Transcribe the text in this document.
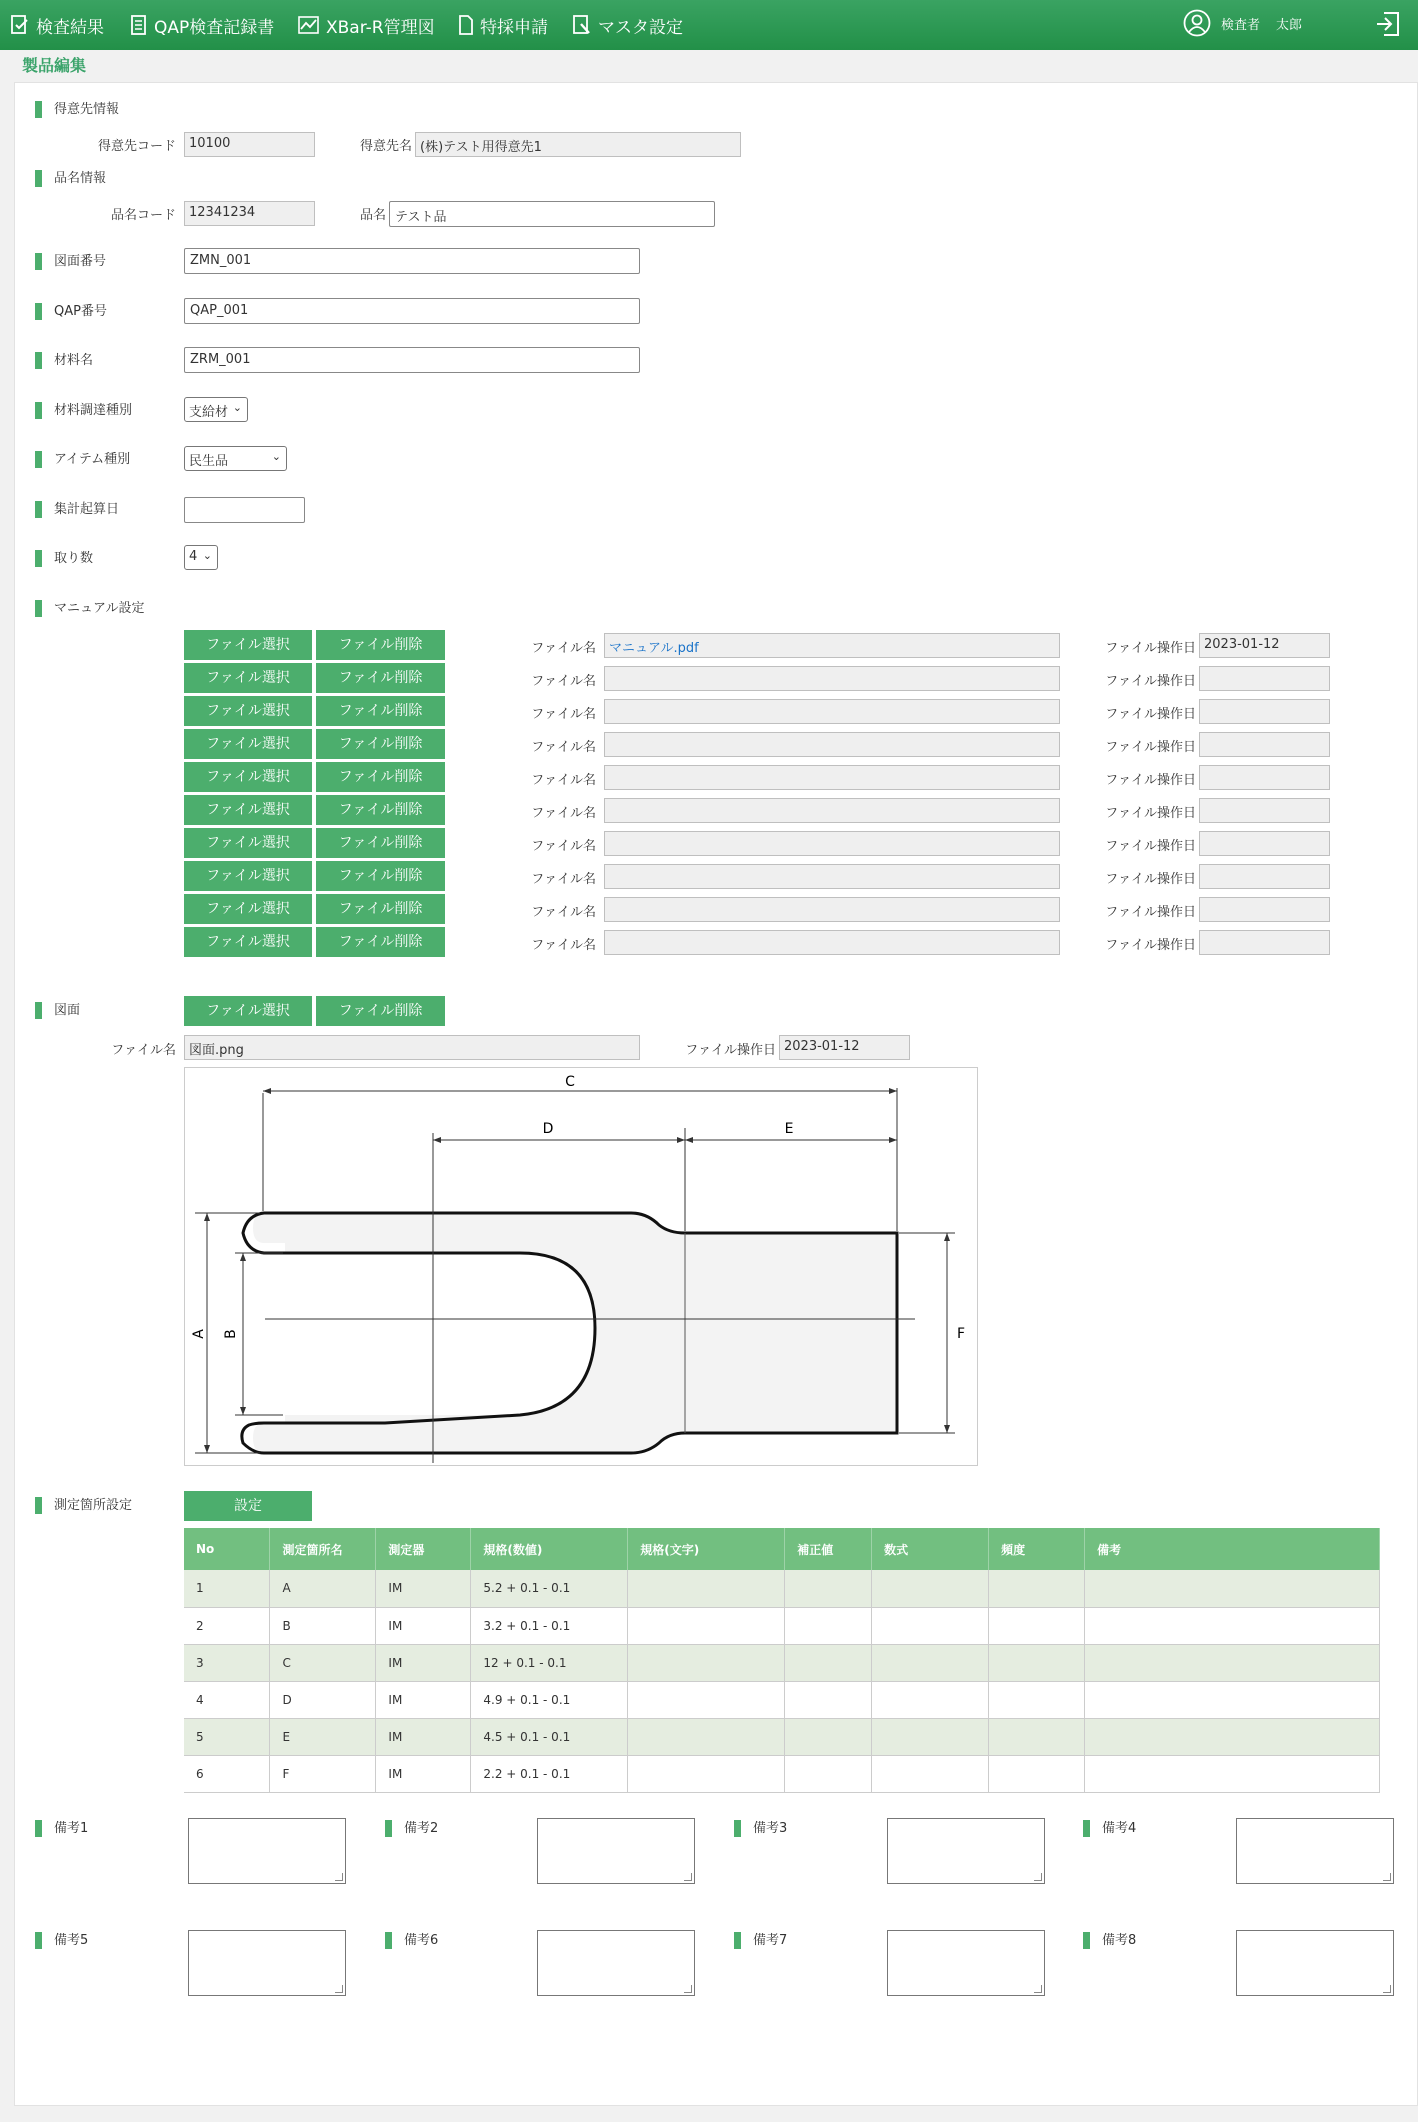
検査結果	QAP検査記録書	XBar-R管理図	特採申請	マスタ設定	検査者 太郎
製品編集
得意先情報
得意先コード	10100	得意先名 (株)テスト用得意先1
品名情報
品名コード	12341234	品名 テスト品
図面番号	ZMN_001
QAP番号	QAP_001
材料名	ZRM_001
材料調達種別	支給材 ⌄
アイテム種別	民生品	⌄
集計起算日
取り数	4 ⌄
マニュアル設定
ファイル選択	ファイル削除	ファイル名	マニュアル.pdf	ファイル操作日 2023-01-12
ファイル選択	ファイル削除	ファイル名	ファイル操作日
ファイル選択	ファイル削除	ファイル名	ファイル操作日
ファイル選択	ファイル削除	ファイル名	ファイル操作日
ファイル選択	ファイル削除	ファイル名	ファイル操作日
ファイル選択	ファイル削除	ファイル名	ファイル操作日
ファイル選択	ファイル削除	ファイル名	ファイル操作日
ファイル選択	ファイル削除	ファイル名	ファイル操作日
ファイル選択	ファイル削除	ファイル名	ファイル操作日
ファイル選択	ファイル削除	ファイル名	ファイル操作日
図面	ファイル選択	ファイル削除
ファイル名	図面.png	ファイル操作日 2023-01-12
C
D	E
A B	F
測定箇所設定	設定
No	測定箇所名	測定器	規格(数値)	規格(文字)	補正値	数式	頻度	備考
1	A	IM	5.2 + 0.1 - 0.1					
2	B	IM	3.2 + 0.1 - 0.1					
3	C	IM	12 + 0.1 - 0.1					
4	D	IM	4.9 + 0.1 - 0.1					
5	E	IM	4.5 + 0.1 - 0.1					
6	F	IM	2.2 + 0.1 - 0.1					
備考1	備考2	備考3	備考4
備考5	備考6	備考7	備考8
